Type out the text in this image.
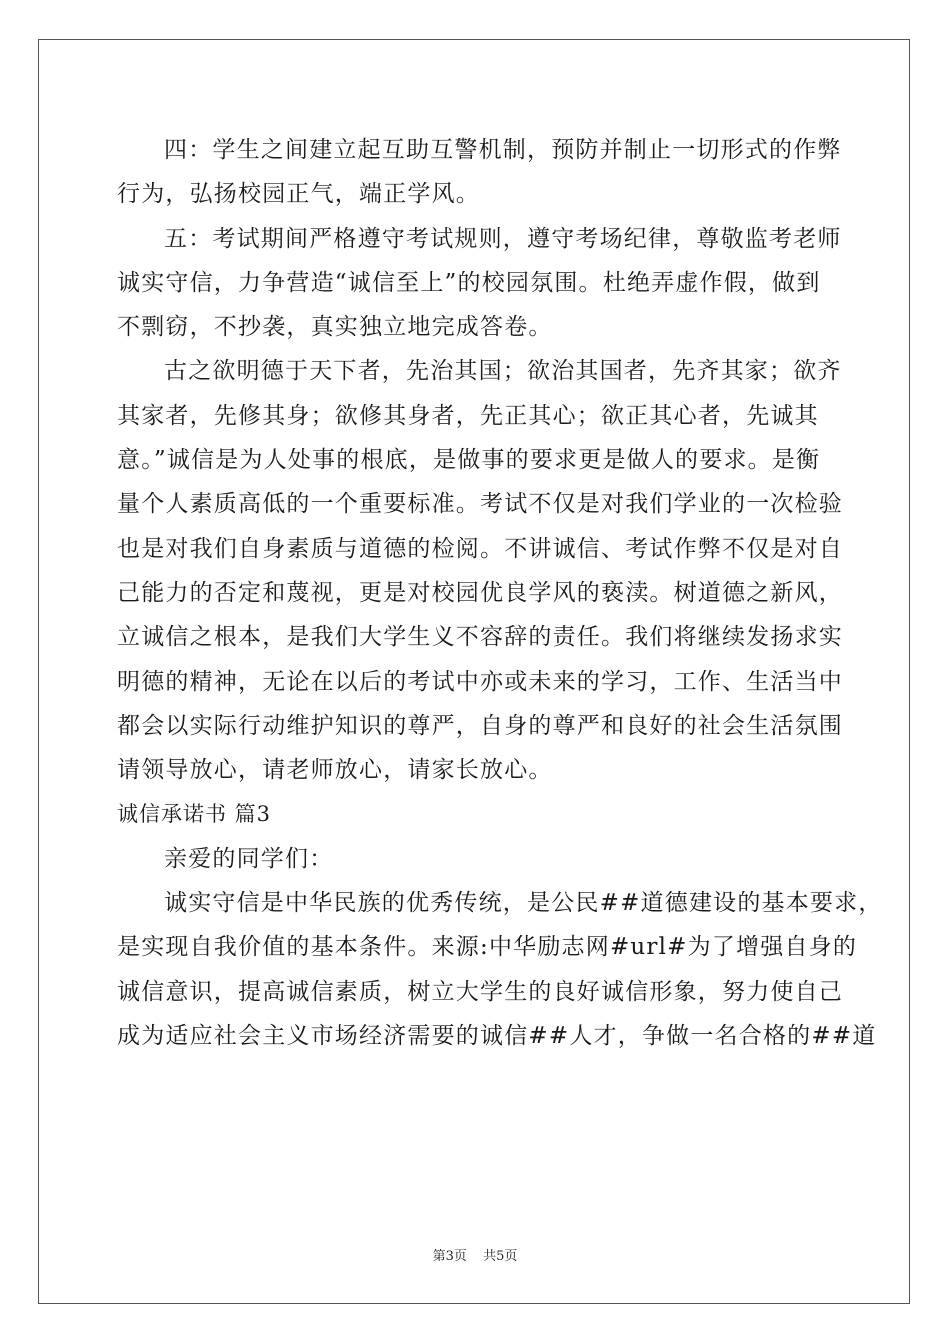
四：学生之间建立起互助互警机制，预防并制止一切形式的作弊
行为，弘扬校园正气，端正学风。
五：考试期间严格遵守考试规则，遵守考场纪律，尊敬监考老师
诚实守信，力争营造“诚信至上”的校园氛围。杜绝弄虚作假，做到
不剽窃，不抄袭，真实独立地完成答卷。
古之欲明德于天下者，先治其国；欲治其国者，先齐其家；欲齐
其家者，先修其身；欲修其身者，先正其心；欲正其心者，先诚其
意。”诚信是为人处事的根底，是做事的要求更是做人的要求。是衡
量个人素质高低的一个重要标准。考试不仅是对我们学业的一次检验
也是对我们自身素质与道德的检阅。不讲诚信、考试作弊不仅是对自
己能力的否定和蔑视，更是对校园优良学风的亵渎。树道德之新风，
立诚信之根本，是我们大学生义不容辞的责任。我们将继续发扬求实
明德的精神，无论在以后的考试中亦或未来的学习，工作、生活当中
都会以实际行动维护知识的尊严，自身的尊严和良好的社会生活氛围
请领导放心，请老师放心，请家长放心。
诚信承诺书 篇3
亲爱的同学们：
诚实守信是中华民族的优秀传统，是公民##道德建设的基本要求，
是实现自我价值的基本条件。来源:中华励志网#url#为了增强自身的
诚信意识，提高诚信素质，树立大学生的良好诚信形象，努力使自己
成为适应社会主义市场经济需要的诚信##人才，争做一名合格的##道
第3页 共5页
